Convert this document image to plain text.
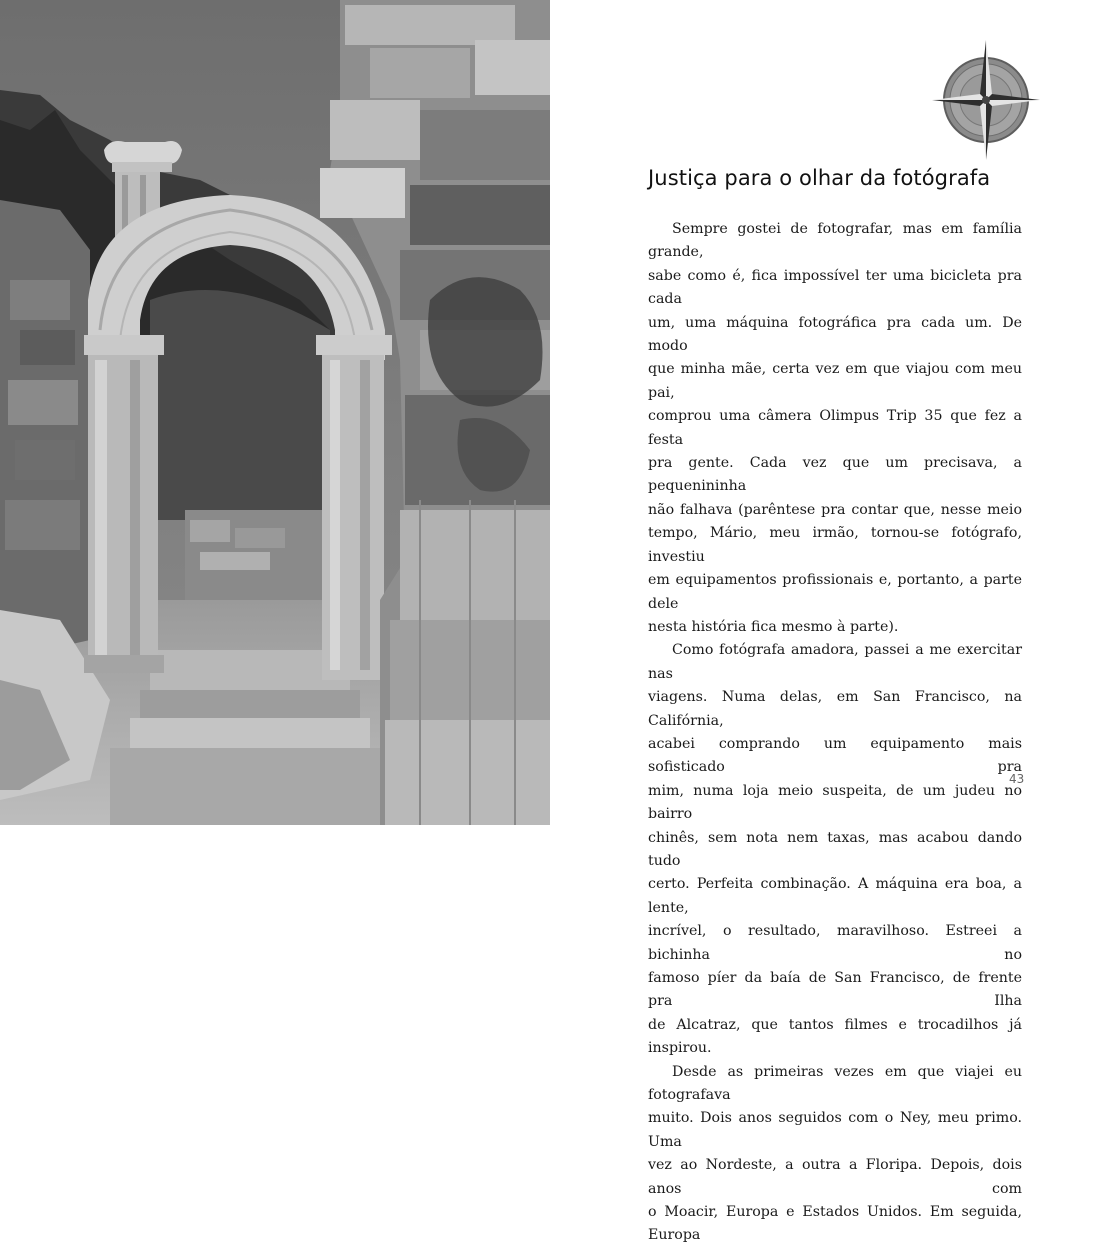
Justiça para o olhar da fotógrafa

Sempre gostei de fotografar, mas em família grande,
sabe como é, fica impossível ter uma bicicleta pra cada
um, uma máquina fotográfica pra cada um. De modo
que minha mãe, certa vez em que viajou com meu pai,
comprou uma câmera Olimpus Trip 35 que fez a festa
pra gente. Cada vez que um precisava, a pequenininha
não falhava (parêntese pra contar que, nesse meio
tempo, Mário, meu irmão, tornou-se fotógrafo, investiu
em equipamentos profissionais e, portanto, a parte dele
nesta história fica mesmo à parte).

Como fotógrafa amadora, passei a me exercitar nas
viagens. Numa delas, em San Francisco, na Califórnia,
acabei comprando um equipamento mais sofisticado pra
mim, numa loja meio suspeita, de um judeu no bairro
chinês, sem nota nem taxas, mas acabou dando tudo
certo. Perfeita combinação. A máquina era boa, a lente,
incrível, o resultado, maravilhoso. Estreei a bichinha no
famoso píer da baía de San Francisco, de frente pra Ilha
de Alcatraz, que tantos filmes e trocadilhos já inspirou.

Desde as primeiras vezes em que viajei eu fotografava
muito. Dois anos seguidos com o Ney, meu primo. Uma
vez ao Nordeste, a outra a Floripa. Depois, dois anos com
o Moacir, Europa e Estados Unidos. Em seguida, Europa

43
